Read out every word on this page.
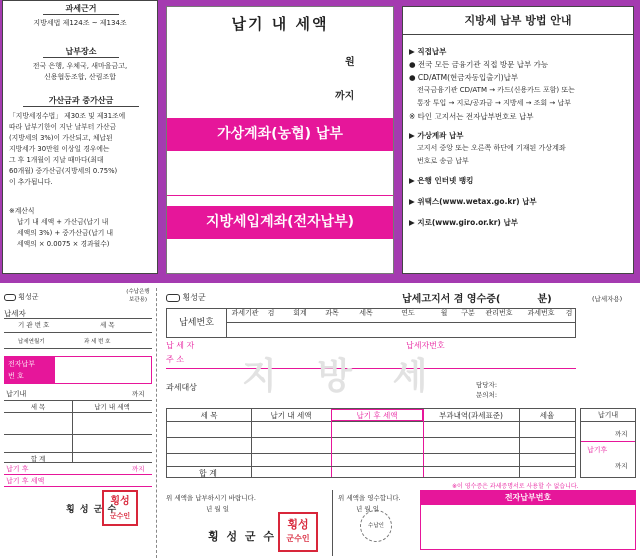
과세근거
지방세법 제124조 ~ 제134조
납부장소
전국 은행, 우체국, 새마을금고,
신용협동조합, 산림조합
가산금과 중가산금
「지방세징수법」 제30조 및 제31조에
따라 납부기한이 지난 날부터 가산금
(지방세의 3%)이 가산되고, 체납된
지방세가 30만원 이상일 경우에는
그 후 1개월이 지날 때마다(최대
60개월) 중가산금(지방세의 0.75%)
이 추가됩니다.
※계산식
납기 내 세액 + 가산금(납기 내
세액의 3%) + 중가산금(납기 내
세액의 × 0.0075 × 경과월수)
납기 내 세액
원
까지
가상계좌(농협) 납부
지방세입계좌(전자납부)
지방세 납부 방법 안내
▶ 직접납부
● 전국 모든 금융기관 직접 방문 납부 가능
● CD/ATM(현금자동입출기)납부
전국금융기관 CD/ATM → 카드(신용카드 포함) 또는
통장 투입 → 지로/공과금 → 지방세 → 조회 → 납부
※ 타인 고지서는 전자납부번호로 납부
▶ 가상계좌 납부
고지서 중앙 또는 오른쪽 하단에 기재된 가상계좌
번호로 송금 납부
▶ 은행 인터넷 뱅킹
▶ 위택스(www.wetax.go.kr) 납부
▶ 지로(www.giro.or.kr) 납부
횡성군
(수납은행
보관용)
납세자
기 관 번 호	세 목
납세연월기	과 세 번 호
전자납부
번 호
납기내	까지
세 목	납기 내 세액
합 계
납기 후	까지
납기 후 세액
횡 성 군 수
횡성
군수인
횡성군	납세고지서 겸 영수증(	분)	(납세자용)
납세번호
과세기관	검	회계	과목	세목	연도	월	구분	관리번호	과세번호	검
납 세 자
주 소
납세자번호
과세대상	담당자:
문의처:
지 방 세
세 목	납기 내 세액	납기 후 세액	부과내역(과세표준)	세율
합 계
납기내
까지
납기후
까지
※이 영수증은 과세증명서로 사용할 수 없습니다.
위 세액을 납부하시기 바랍니다.	위 세액을 영수합니다.
년 월 일	년 월 일
횡 성 군 수
횡성
군수인
수납인
전자납부번호
